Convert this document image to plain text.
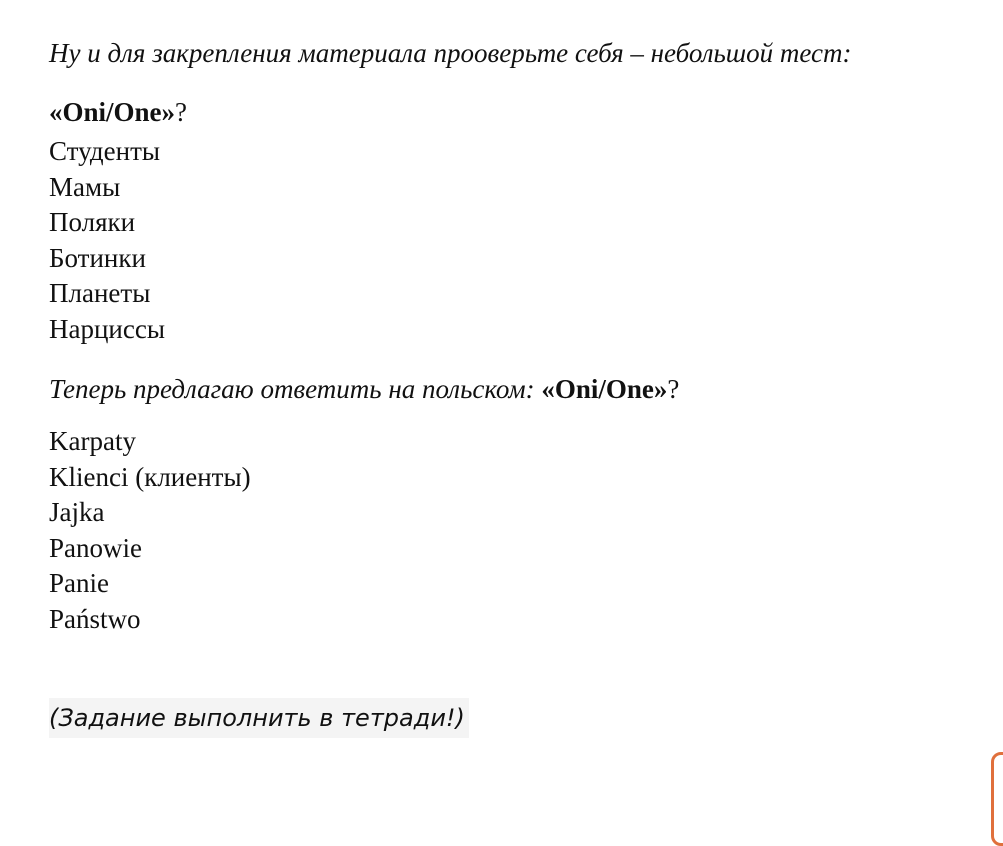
Ну и для закрепления материала прооверьте себя – небольшой тест:
«Oni/One»?
Студенты
Мамы
Поляки
Ботинки
Планеты
Нарциссы
Теперь предлагаю ответить на польском: «Oni/One»?
Karpaty
Klienci (клиенты)
Jajka
Panowie
Panie
Państwo
(Задание выполнить в тетради!)
